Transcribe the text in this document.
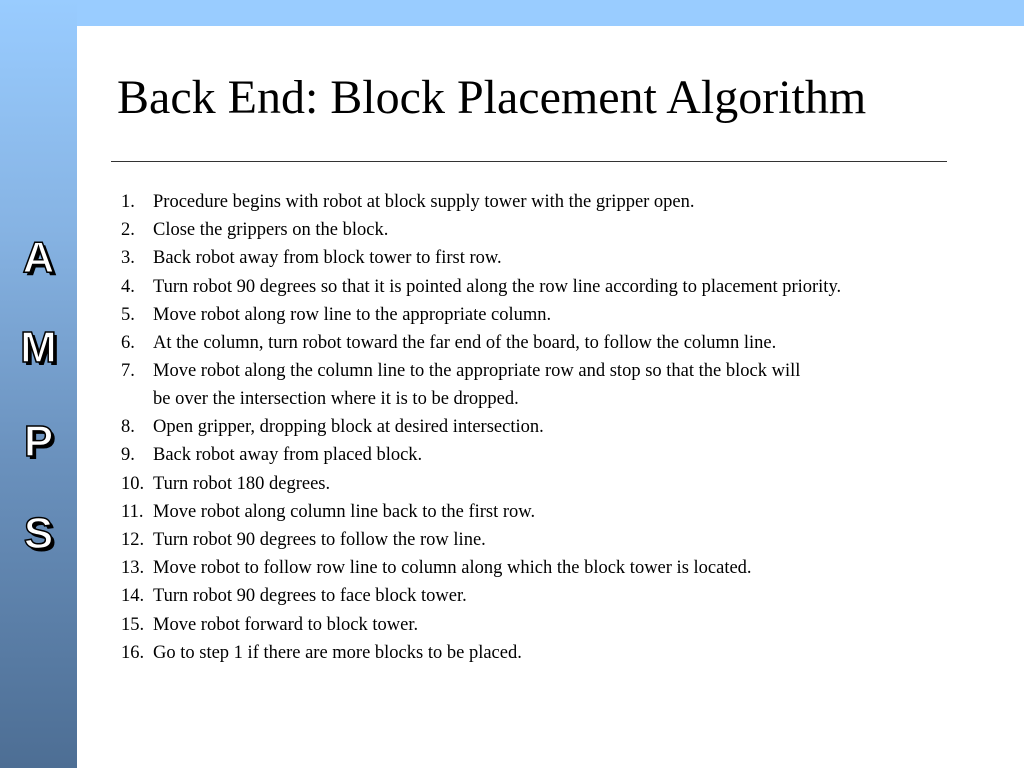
A
M
P
S
Back End: Block Placement Algorithm
1. Procedure begins with robot at block supply tower with the gripper open.
2. Close the grippers on the block.
3. Back robot away from block tower to first row.
4. Turn robot 90 degrees so that it is pointed along the row line according to placement priority.
5. Move robot along row line to the appropriate column.
6. At the column, turn robot toward the far end of the board, to follow the column line.
7. Move robot along the column line to the appropriate row and stop so that the block will
be over the intersection where it is to be dropped.
8. Open gripper, dropping block at desired intersection.
9. Back robot away from placed block.
10. Turn robot 180 degrees.
11. Move robot along column line back to the first row.
12. Turn robot 90 degrees to follow the row line.
13. Move robot to follow row line to column along which the block tower is located.
14. Turn robot 90 degrees to face block tower.
15. Move robot forward to block tower.
16. Go to step 1 if there are more blocks to be placed.
